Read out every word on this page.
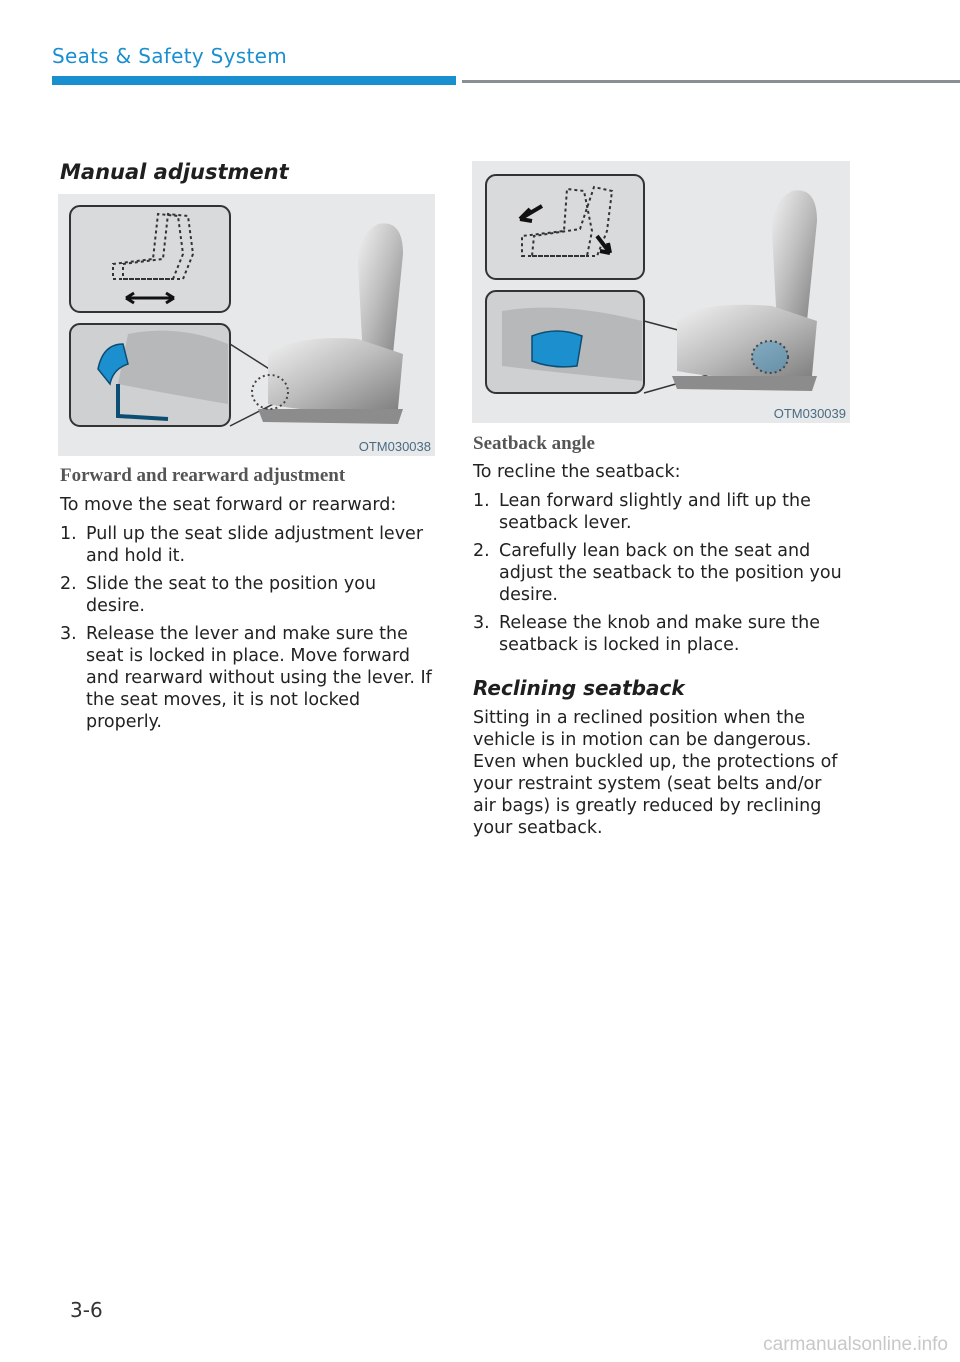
Seats & Safety System
Manual adjustment
OTM030038
Forward and rearward adjustment

To move the seat forward or rearward:

1. Pull up the seat slide adjustment lever and hold it.
2. Slide the seat to the position you desire.
3. Release the lever and make sure the seat is locked in place. Move forward and rearward without using the lever. If the seat moves, it is not locked properly.
OTM030039
Seatback angle

To recline the seatback:

1. Lean forward slightly and lift up the seatback lever.
2. Carefully lean back on the seat and adjust the seatback to the position you desire.
3. Release the knob and make sure the seatback is locked in place.
Reclining seatback

Sitting in a reclined position when the vehicle is in motion can be dangerous. Even when buckled up, the protections of your restraint system (seat belts and/or air bags) is greatly reduced by reclining your seatback.

3-6
carmanualsonline.info
